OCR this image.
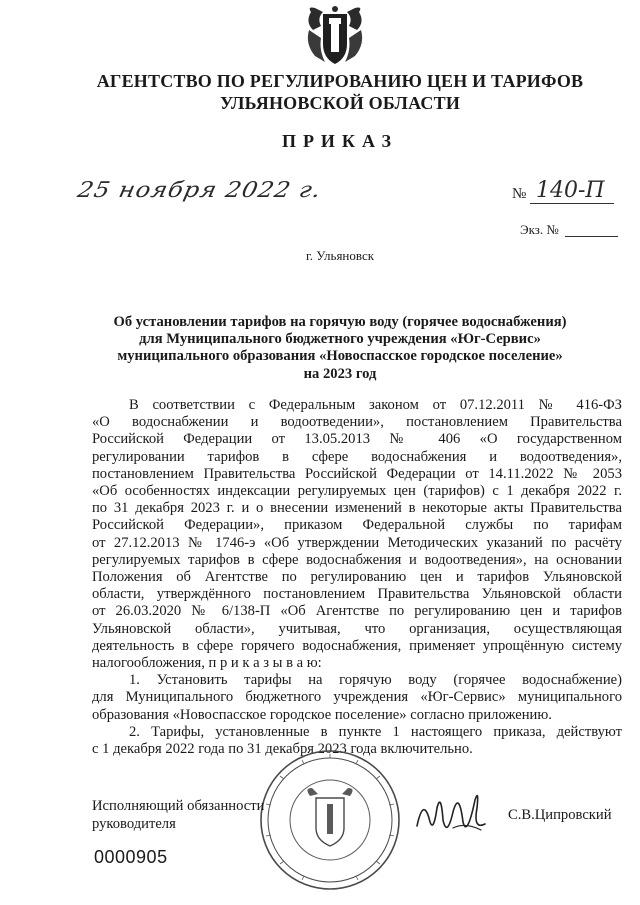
АГЕНТСТВО ПО РЕГУЛИРОВАНИЮ ЦЕН И ТАРИФОВ
УЛЬЯНОВСКОЙ ОБЛАСТИ
ПРИКАЗ
25 ноября 2022 г.	№ 140-П
Экз. №
г. Ульяновск
Об установлении тарифов на горячую воду (горячее водоснабжения)
для Муниципального бюджетного учреждения «Юг-Сервис»
муниципального образования «Новоспасское городское поселение»
на 2023 год
В соответствии с Федеральным законом от 07.12.2011 № 416-ФЗ
«О водоснабжении и водоотведении», постановлением Правительства
Российской Федерации от 13.05.2013 № 406 «О государственном
регулировании тарифов в сфере водоснабжения и водоотведения»,
постановлением Правительства Российской Федерации от 14.11.2022 № 2053
«Об особенностях индексации регулируемых цен (тарифов) с 1 декабря 2022 г.
по 31 декабря 2023 г. и о внесении изменений в некоторые акты Правительства
Российской Федерации», приказом Федеральной службы по тарифам
от 27.12.2013 № 1746-э «Об утверждении Методических указаний по расчёту
регулируемых тарифов в сфере водоснабжения и водоотведения», на основании
Положения об Агентстве по регулированию цен и тарифов Ульяновской
области, утверждённого постановлением Правительства Ульяновской области
от 26.03.2020 № 6/138-П «Об Агентстве по регулированию цен и тарифов
Ульяновской области», учитывая, что организация, осуществляющая
деятельность в сфере горячего водоснабжения, применяет упрощённую систему
налогообложения, п р и к а з ы в а ю:
1. Установить тарифы на горячую воду (горячее водоснабжение)
для Муниципального бюджетного учреждения «Юг-Сервис» муниципального
образования «Новоспасское городское поселение» согласно приложению.
2. Тарифы, установленные в пункте 1 настоящего приказа, действуют
с 1 декабря 2022 года по 31 декабря 2023 года включительно.
Исполняющий обязанности
руководителя
С.В.Ципровский
0000905
